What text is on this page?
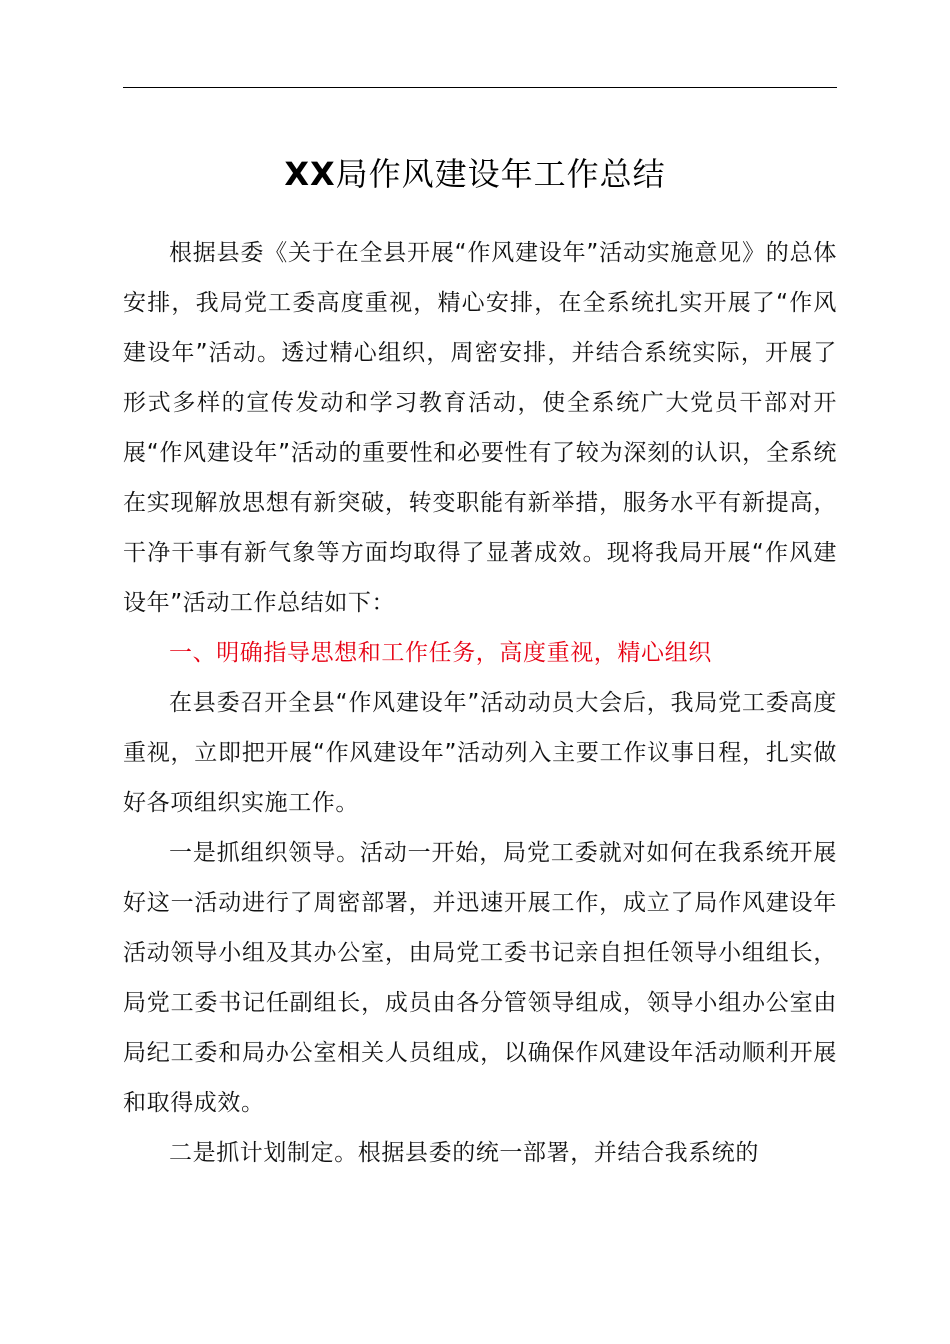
XX局作风建设年工作总结

根据县委《关于在全县开展“作风建设年”活动实施意见》的总体安排，我局党工委高度重视，精心安排，在全系统扎实开展了“作风建设年”活动。透过精心组织，周密安排，并结合系统实际，开展了形式多样的宣传发动和学习教育活动，使全系统广大党员干部对开展“作风建设年”活动的重要性和必要性有了较为深刻的认识，全系统在实现解放思想有新突破，转变职能有新举措，服务水平有新提高，干净干事有新气象等方面均取得了显著成效。现将我局开展“作风建设年”活动工作总结如下：

一、明确指导思想和工作任务，高度重视，精心组织

在县委召开全县“作风建设年”活动动员大会后，我局党工委高度重视，立即把开展“作风建设年”活动列入主要工作议事日程，扎实做好各项组织实施工作。

一是抓组织领导。活动一开始，局党工委就对如何在我系统开展好这一活动进行了周密部署，并迅速开展工作，成立了局作风建设年活动领导小组及其办公室，由局党工委书记亲自担任领导小组组长，局党工委书记任副组长，成员由各分管领导组成，领导小组办公室由局纪工委和局办公室相关人员组成，以确保作风建设年活动顺利开展和取得成效。

二是抓计划制定。根据县委的统一部署，并结合我系统的
